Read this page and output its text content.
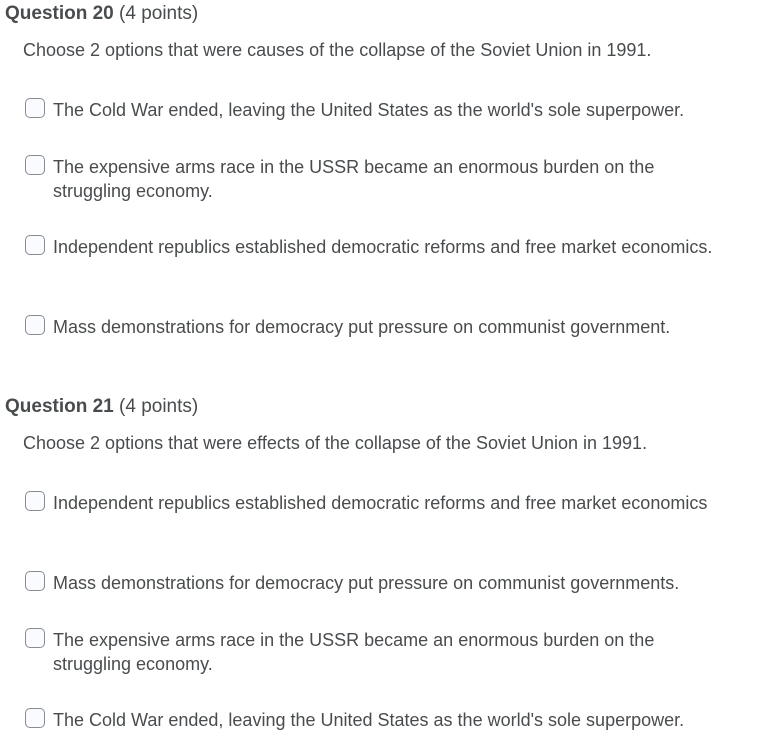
Question 20 (4 points)
Choose 2 options that were causes of the collapse of the Soviet Union in 1991.
The Cold War ended, leaving the United States as the world's sole superpower.
The expensive arms race in the USSR became an enormous burden on the struggling economy.
Independent republics established democratic reforms and free market economics.
Mass demonstrations for democracy put pressure on communist government.
Question 21 (4 points)
Choose 2 options that were effects of the collapse of the Soviet Union in 1991.
Independent republics established democratic reforms and free market economics
Mass demonstrations for democracy put pressure on communist governments.
The expensive arms race in the USSR became an enormous burden on the struggling economy.
The Cold War ended, leaving the United States as the world's sole superpower.
